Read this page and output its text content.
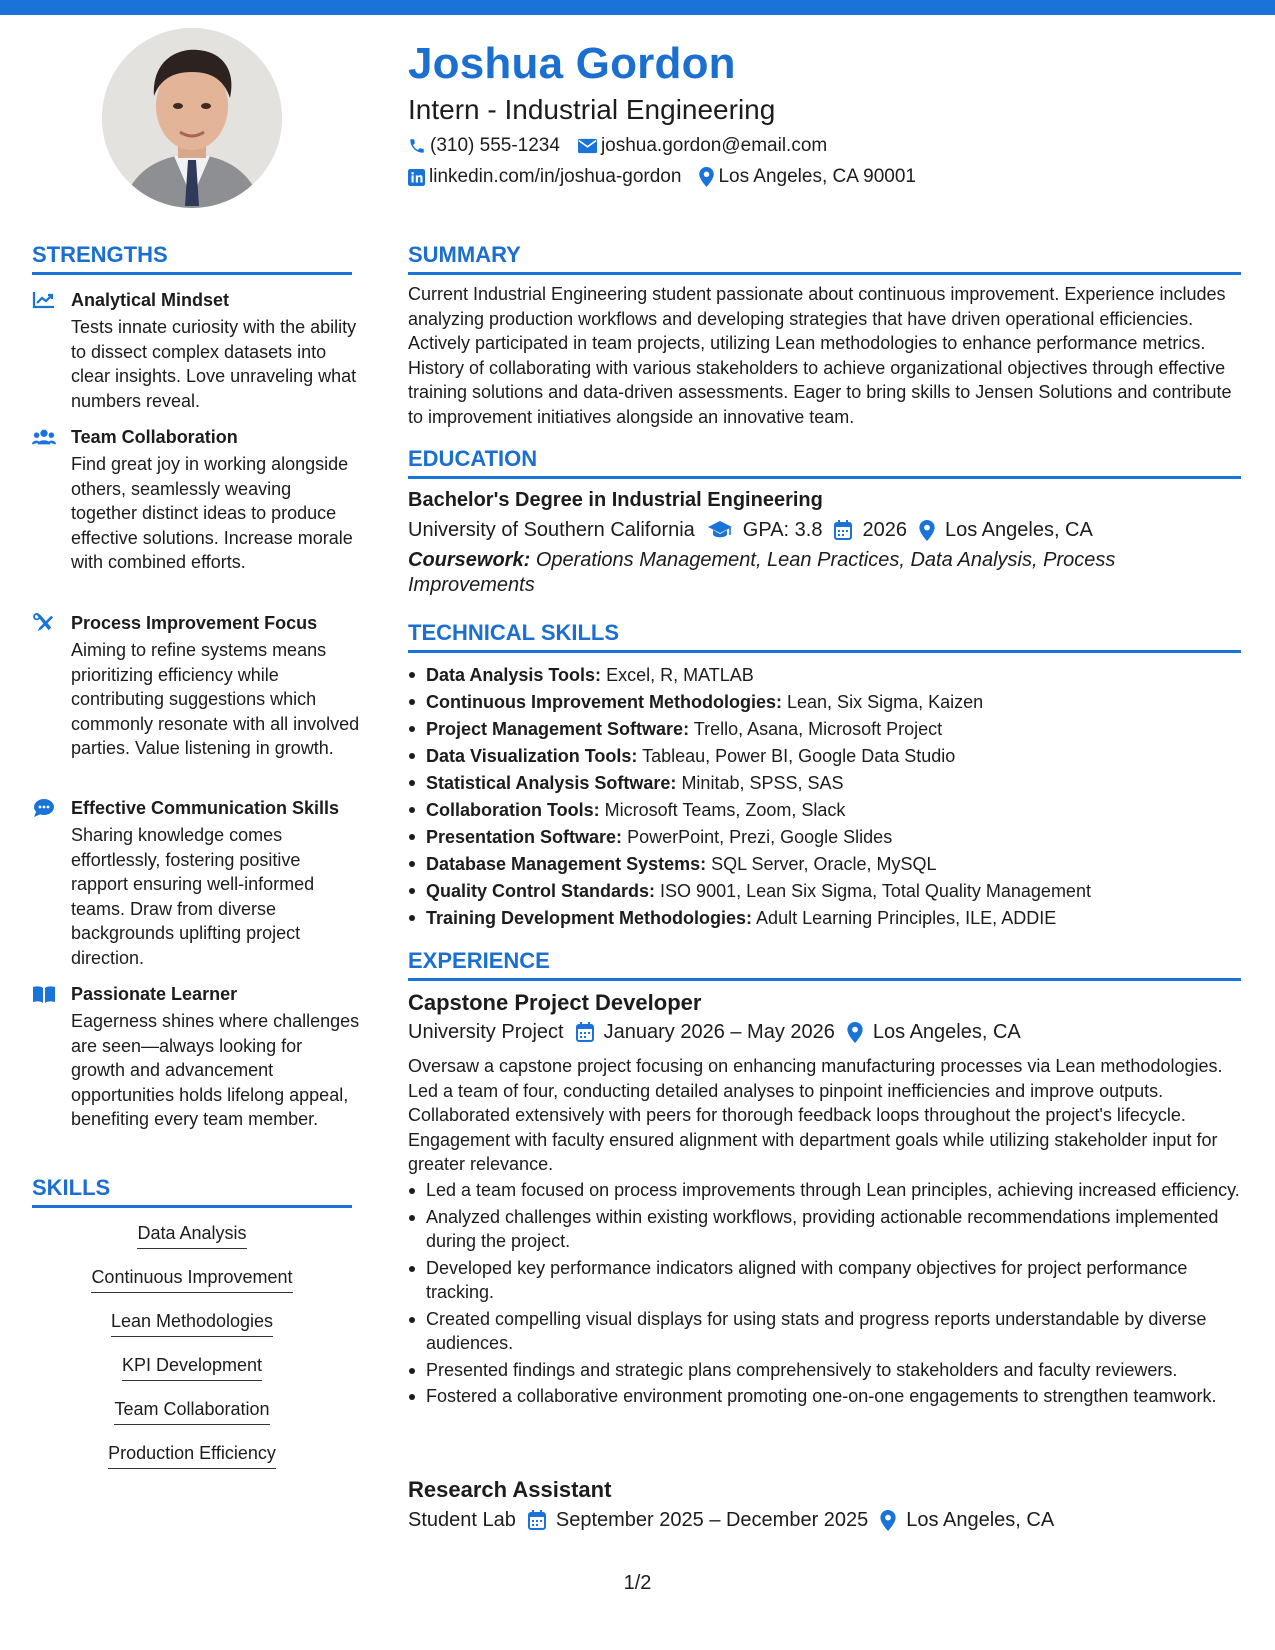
Joshua Gordon
Intern - Industrial Engineering
(310) 555-1234 joshua.gordon@email.com
linkedin.com/in/joshua-gordon Los Angeles, CA 90001
STRENGTHS
Analytical Mindset
Tests innate curiosity with the ability to dissect complex datasets into clear insights. Love unraveling what numbers reveal.
Team Collaboration
Find great joy in working alongside others, seamlessly weaving together distinct ideas to produce effective solutions. Increase morale with combined efforts.
Process Improvement Focus
Aiming to refine systems means prioritizing efficiency while contributing suggestions which commonly resonate with all involved parties. Value listening in growth.
Effective Communication Skills
Sharing knowledge comes effortlessly, fostering positive rapport ensuring well-informed teams. Draw from diverse backgrounds uplifting project direction.
Passionate Learner
Eagerness shines where challenges are seen—always looking for growth and advancement opportunities holds lifelong appeal, benefiting every team member.
SKILLS
Data Analysis
Continuous Improvement
Lean Methodologies
KPI Development
Team Collaboration
Production Efficiency
SUMMARY
Current Industrial Engineering student passionate about continuous improvement. Experience includes analyzing production workflows and developing strategies that have driven operational efficiencies. Actively participated in team projects, utilizing Lean methodologies to enhance performance metrics. History of collaborating with various stakeholders to achieve organizational objectives through effective training solutions and data-driven assessments. Eager to bring skills to Jensen Solutions and contribute to improvement initiatives alongside an innovative team.
EDUCATION
Bachelor's Degree in Industrial Engineering
University of Southern California GPA: 3.8 2026 Los Angeles, CA
Coursework: Operations Management, Lean Practices, Data Analysis, Process Improvements
TECHNICAL SKILLS
Data Analysis Tools: Excel, R, MATLAB
Continuous Improvement Methodologies: Lean, Six Sigma, Kaizen
Project Management Software: Trello, Asana, Microsoft Project
Data Visualization Tools: Tableau, Power BI, Google Data Studio
Statistical Analysis Software: Minitab, SPSS, SAS
Collaboration Tools: Microsoft Teams, Zoom, Slack
Presentation Software: PowerPoint, Prezi, Google Slides
Database Management Systems: SQL Server, Oracle, MySQL
Quality Control Standards: ISO 9001, Lean Six Sigma, Total Quality Management
Training Development Methodologies: Adult Learning Principles, ILE, ADDIE
EXPERIENCE
Capstone Project Developer
University Project January 2026 – May 2026 Los Angeles, CA
Oversaw a capstone project focusing on enhancing manufacturing processes via Lean methodologies. Led a team of four, conducting detailed analyses to pinpoint inefficiencies and improve outputs. Collaborated extensively with peers for thorough feedback loops throughout the project's lifecycle. Engagement with faculty ensured alignment with department goals while utilizing stakeholder input for greater relevance.
Led a team focused on process improvements through Lean principles, achieving increased efficiency.
Analyzed challenges within existing workflows, providing actionable recommendations implemented during the project.
Developed key performance indicators aligned with company objectives for project performance tracking.
Created compelling visual displays for using stats and progress reports understandable by diverse audiences.
Presented findings and strategic plans comprehensively to stakeholders and faculty reviewers.
Fostered a collaborative environment promoting one-on-one engagements to strengthen teamwork.
Research Assistant
Student Lab September 2025 – December 2025 Los Angeles, CA
1/2
